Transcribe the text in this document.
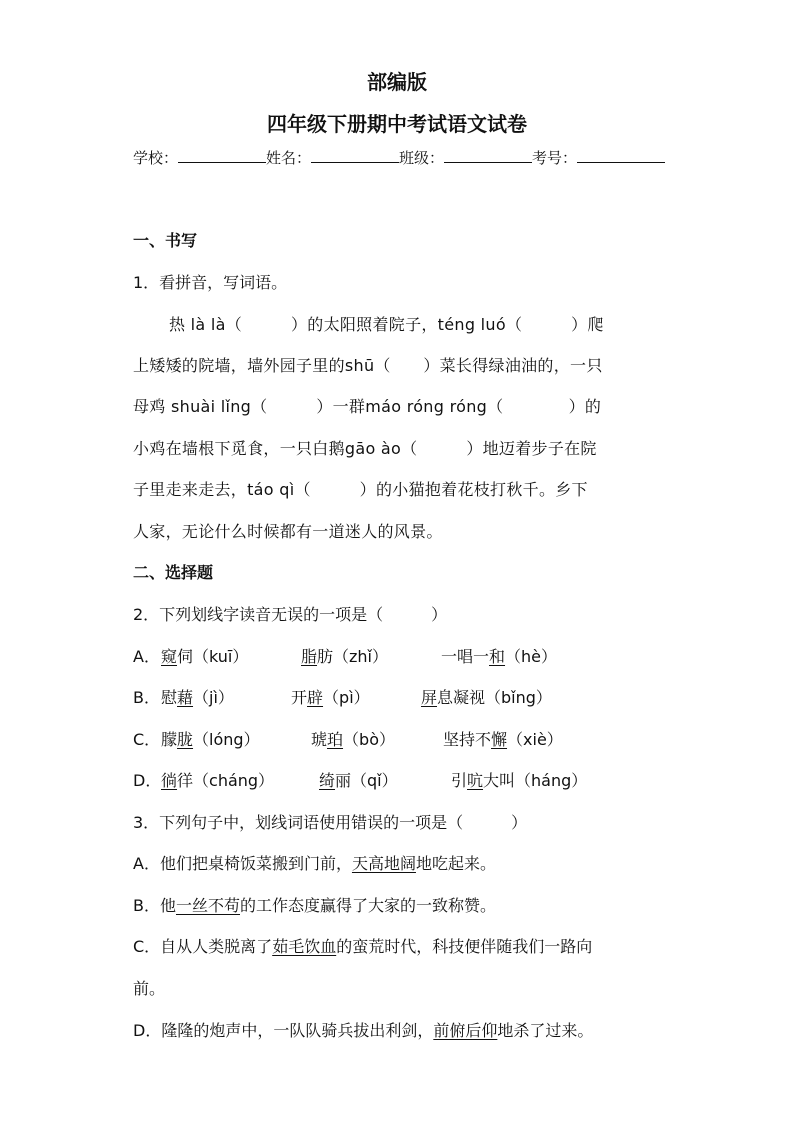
部编版
四年级下册期中考试语文试卷
学校：	姓名：	班级：	考号：
一、书写
1．看拼音，写词语。
热 là là（　　　）的太阳照着院子，téng luó（　　　）爬
上矮矮的院墙，墙外园子里的shū（　　）菜长得绿油油的，一只
母鸡 shuài lǐng（　　　）一群máo róng róng（　　　　）的
小鸡在墙根下觅食，一只白鹅gāo ào（　　　）地迈着步子在院
子里走来走去，táo qì（　　　）的小猫抱着花枝打秋千。乡下
人家，无论什么时候都有一道迷人的风景。
二、选择题
2．下列划线字读音无误的一项是（　　　）
A． 窥伺（kuī）	脂肪（zhǐ）	一唱一和（hè）
B． 慰藉（jì）	开辟（pì）	屏息凝视（bǐng）
C． 朦胧（lóng）	琥珀（bò）	坚持不懈（xiè）
D． 徜徉（cháng）	绮丽（qǐ）	引吭大叫（háng）
3．下列句子中，划线词语使用错误的一项是（　　　）
A．他们把桌椅饭菜搬到门前，天高地阔地吃起来。
B．他一丝不苟的工作态度赢得了大家的一致称赞。
C．自从人类脱离了茹毛饮血的蛮荒时代，科技便伴随我们一路向
前。
D．隆隆的炮声中，一队队骑兵拔出利剑，前俯后仰地杀了过来。
